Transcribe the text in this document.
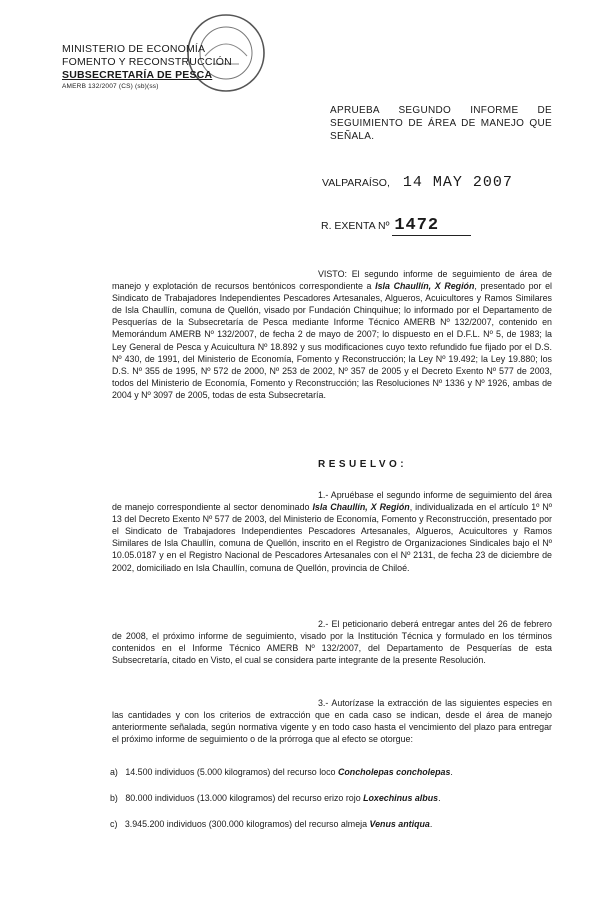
MINISTERIO DE ECONOMÍA
FOMENTO Y RECONSTRUCCIÓN
SUBSECRETARÍA DE PESCA
AMERB 132/2007 (CS) (sb)(ss)
APRUEBA SEGUNDO INFORME DE SEGUIMIENTO DE ÁREA DE MANEJO QUE SEÑALA.
VALPARAÍSO, 14 MAY 2007
R. EXENTA Nº 1472
VISTO: El segundo informe de seguimiento de área de manejo y explotación de recursos bentónicos correspondiente a Isla Chaullín, X Región, presentado por el Sindicato de Trabajadores Independientes Pescadores Artesanales, Algueros, Acuicultores y Ramos Similares de Isla Chaullín, comuna de Quellón, visado por Fundación Chinquihue; lo informado por el Departamento de Pesquerías de la Subsecretaría de Pesca mediante Informe Técnico AMERB Nº 132/2007, contenido en Memorándum AMERB Nº 132/2007, de fecha 2 de mayo de 2007; lo dispuesto en el D.F.L. Nº 5, de 1983; la Ley General de Pesca y Acuicultura Nº 18.892 y sus modificaciones cuyo texto refundido fue fijado por el D.S. Nº 430, de 1991, del Ministerio de Economía, Fomento y Reconstrucción; la Ley Nº 19.492; la Ley 19.880; los D.S. Nº 355 de 1995, Nº 572 de 2000, Nº 253 de 2002, Nº 357 de 2005 y el Decreto Exento Nº 577 de 2003, todos del Ministerio de Economía, Fomento y Reconstrucción; las Resoluciones Nº 1336 y Nº 1926, ambas de 2004 y Nº 3097 de 2005, todas de esta Subsecretaría.
RESUELVO:
1.- Apruébase el segundo informe de seguimiento del área de manejo correspondiente al sector denominado Isla Chaullín, X Región, individualizada en el artículo 1º Nº 13 del Decreto Exento Nº 577 de 2003, del Ministerio de Economía, Fomento y Reconstrucción, presentado por el Sindicato de Trabajadores Independientes Pescadores Artesanales, Algueros, Acuicultores y Ramos Similares de Isla Chaullín, comuna de Quellón, inscrito en el Registro de Organizaciones Sindicales bajo el Nº 10.05.0187 y en el Registro Nacional de Pescadores Artesanales con el Nº 2131, de fecha 23 de diciembre de 2002, domiciliado en Isla Chaullín, comuna de Quellón, provincia de Chiloé.
2.- El peticionario deberá entregar antes del 26 de febrero de 2008, el próximo informe de seguimiento, visado por la Institución Técnica y formulado en los términos contenidos en el Informe Técnico AMERB Nº 132/2007, del Departamento de Pesquerías de esta Subsecretaría, citado en Visto, el cual se considera parte integrante de la presente Resolución.
3.- Autorízase la extracción de las siguientes especies en las cantidades y con los criterios de extracción que en cada caso se indican, desde el área de manejo anteriormente señalada, según normativa vigente y en todo caso hasta el vencimiento del plazo para entregar el próximo informe de seguimiento o de la prórroga que al efecto se otorgue:
a) 14.500 individuos (5.000 kilogramos) del recurso loco Concholepas concholepas.
b) 80.000 individuos (13.000 kilogramos) del recurso erizo rojo Loxechinus albus.
c) 3.945.200 individuos (300.000 kilogramos) del recurso almeja Venus antiqua.
